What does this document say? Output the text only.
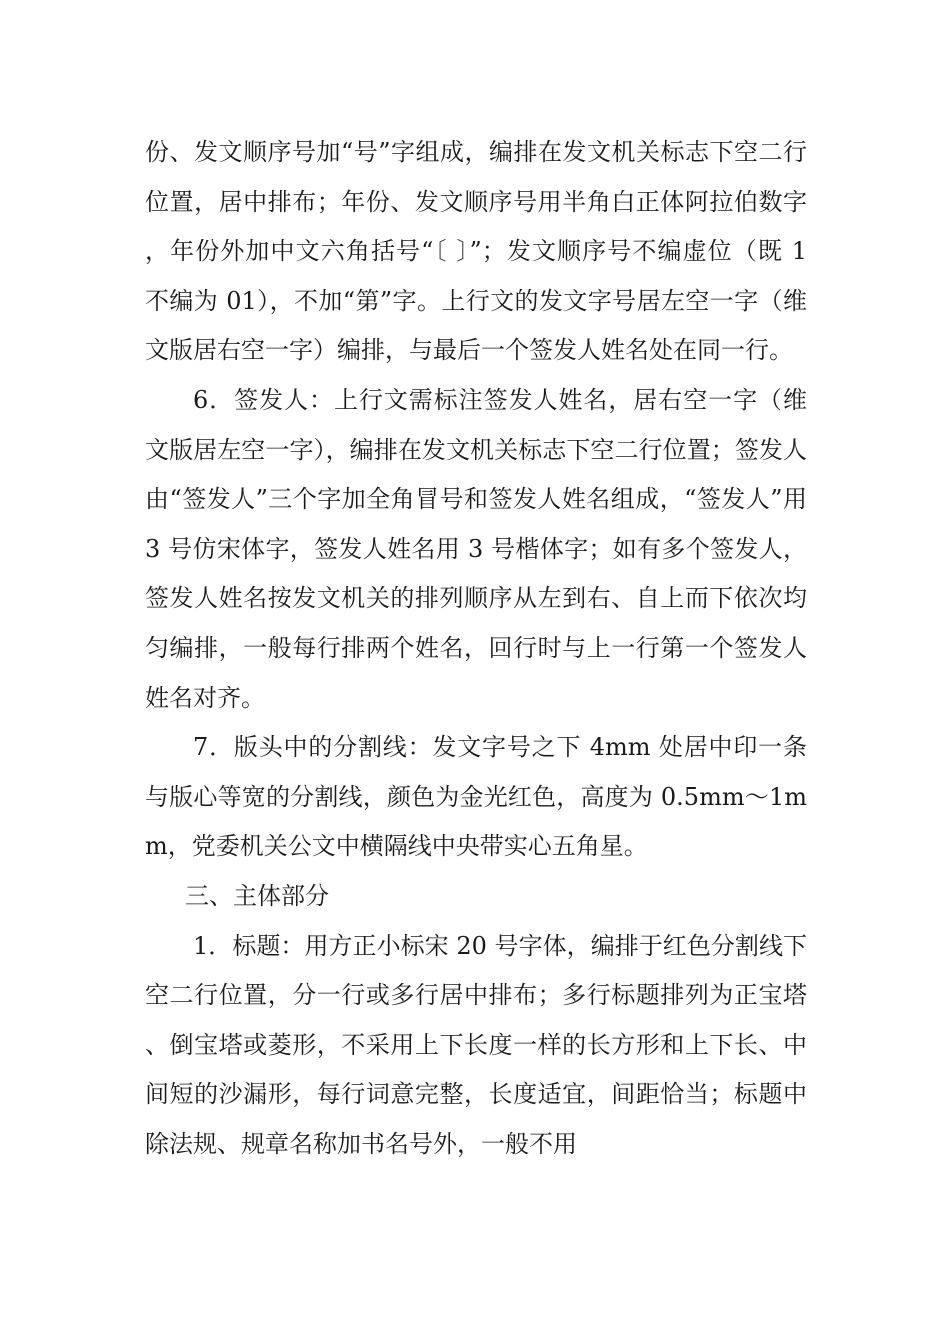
份、发文顺序号加“号”字组成，编排在发文机关标志下空二行位置，居中排布；年份、发文顺序号用半角白正体阿拉伯数字，年份外加中文六角括号“〔 〕”；发文顺序号不编虚位（既 1 不编为 01），不加“第”字。上行文的发文字号居左空一字（维文版居右空一字）编排，与最后一个签发人姓名处在同一行。

6．签发人：上行文需标注签发人姓名，居右空一字（维文版居左空一字），编排在发文机关标志下空二行位置；签发人由“签发人”三个字加全角冒号和签发人姓名组成，“签发人”用 3 号仿宋体字，签发人姓名用 3 号楷体字；如有多个签发人，签发人姓名按发文机关的排列顺序从左到右、自上而下依次均匀编排，一般每行排两个姓名，回行时与上一行第一个签发人姓名对齐。

7．版头中的分割线：发文字号之下 4mm 处居中印一条与版心等宽的分割线，颜色为金光红色，高度为 0.5mm～1mm，党委机关公文中横隔线中央带实心五角星。

三、主体部分

1．标题：用方正小标宋 20 号字体，编排于红色分割线下空二行位置，分一行或多行居中排布；多行标题排列为正宝塔、倒宝塔或菱形，不采用上下长度一样的长方形和上下长、中间短的沙漏形，每行词意完整，长度适宜，间距恰当；标题中除法规、规章名称加书名号外，一般不用
